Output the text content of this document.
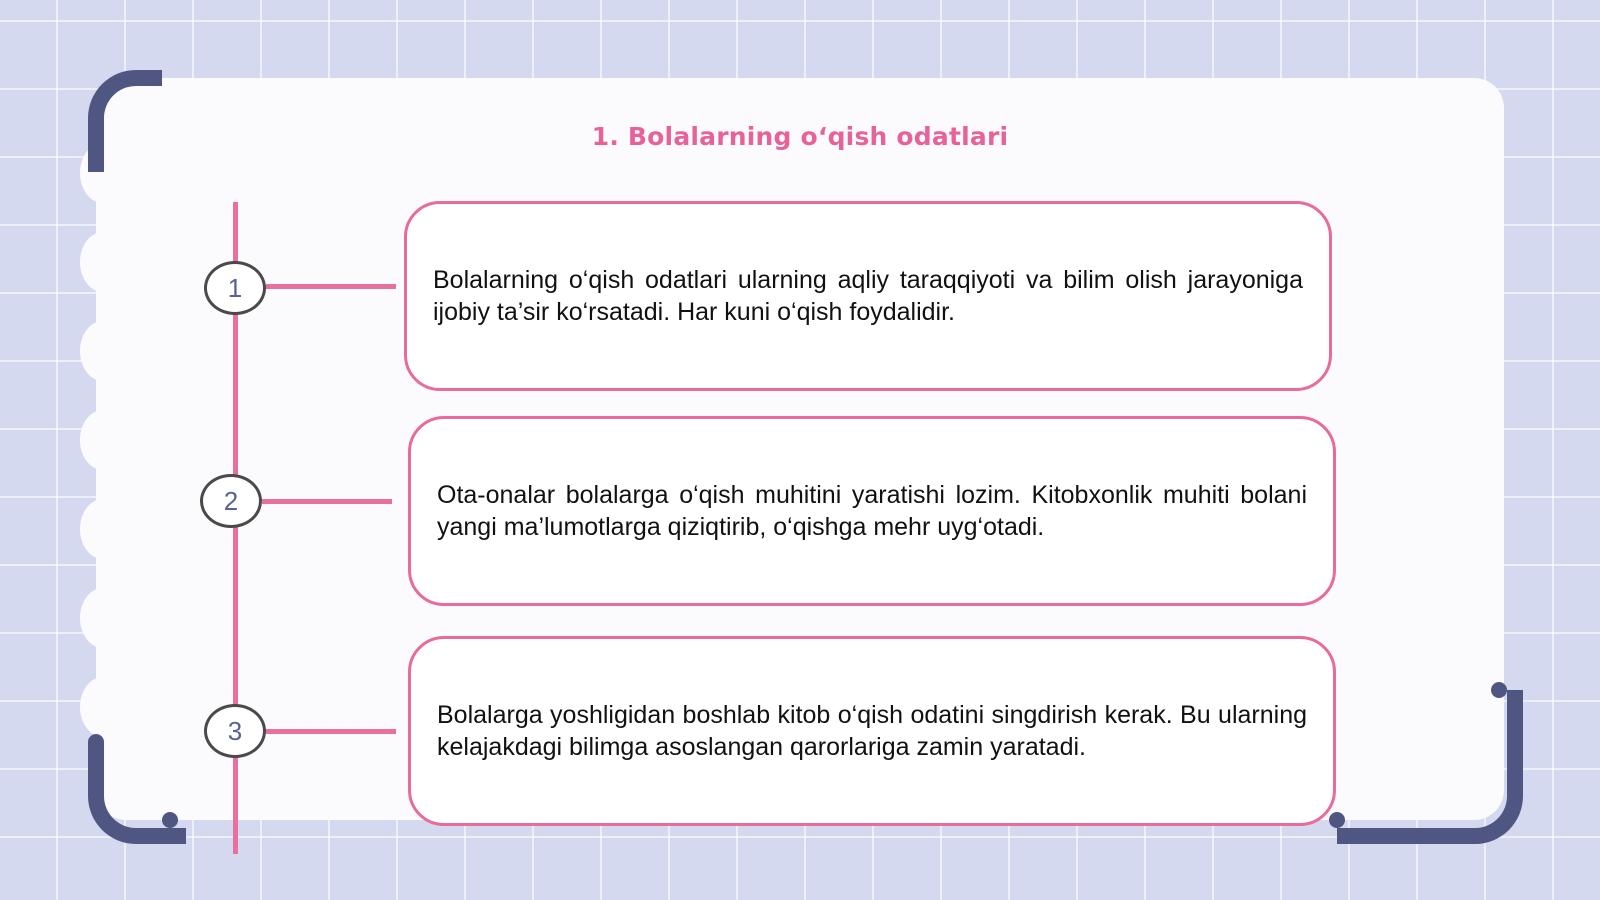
1. Bolalarning o‘qish odatlari
1
2
3

Bolalarning o‘qish odatlari ularning aqliy taraqqiyoti va bilim olish jarayoniga ijobiy ta’sir ko‘rsatadi. Har kuni o‘qish foydalidir.

Ota-onalar bolalarga o‘qish muhitini yaratishi lozim. Kitobxonlik muhiti bolani yangi ma’lumotlarga qiziqtirib, o‘qishga mehr uyg‘otadi.

Bolalarga yoshligidan boshlab kitob o‘qish odatini singdirish kerak. Bu ularning kelajakdagi bilimga asoslangan qarorlariga zamin yaratadi.
